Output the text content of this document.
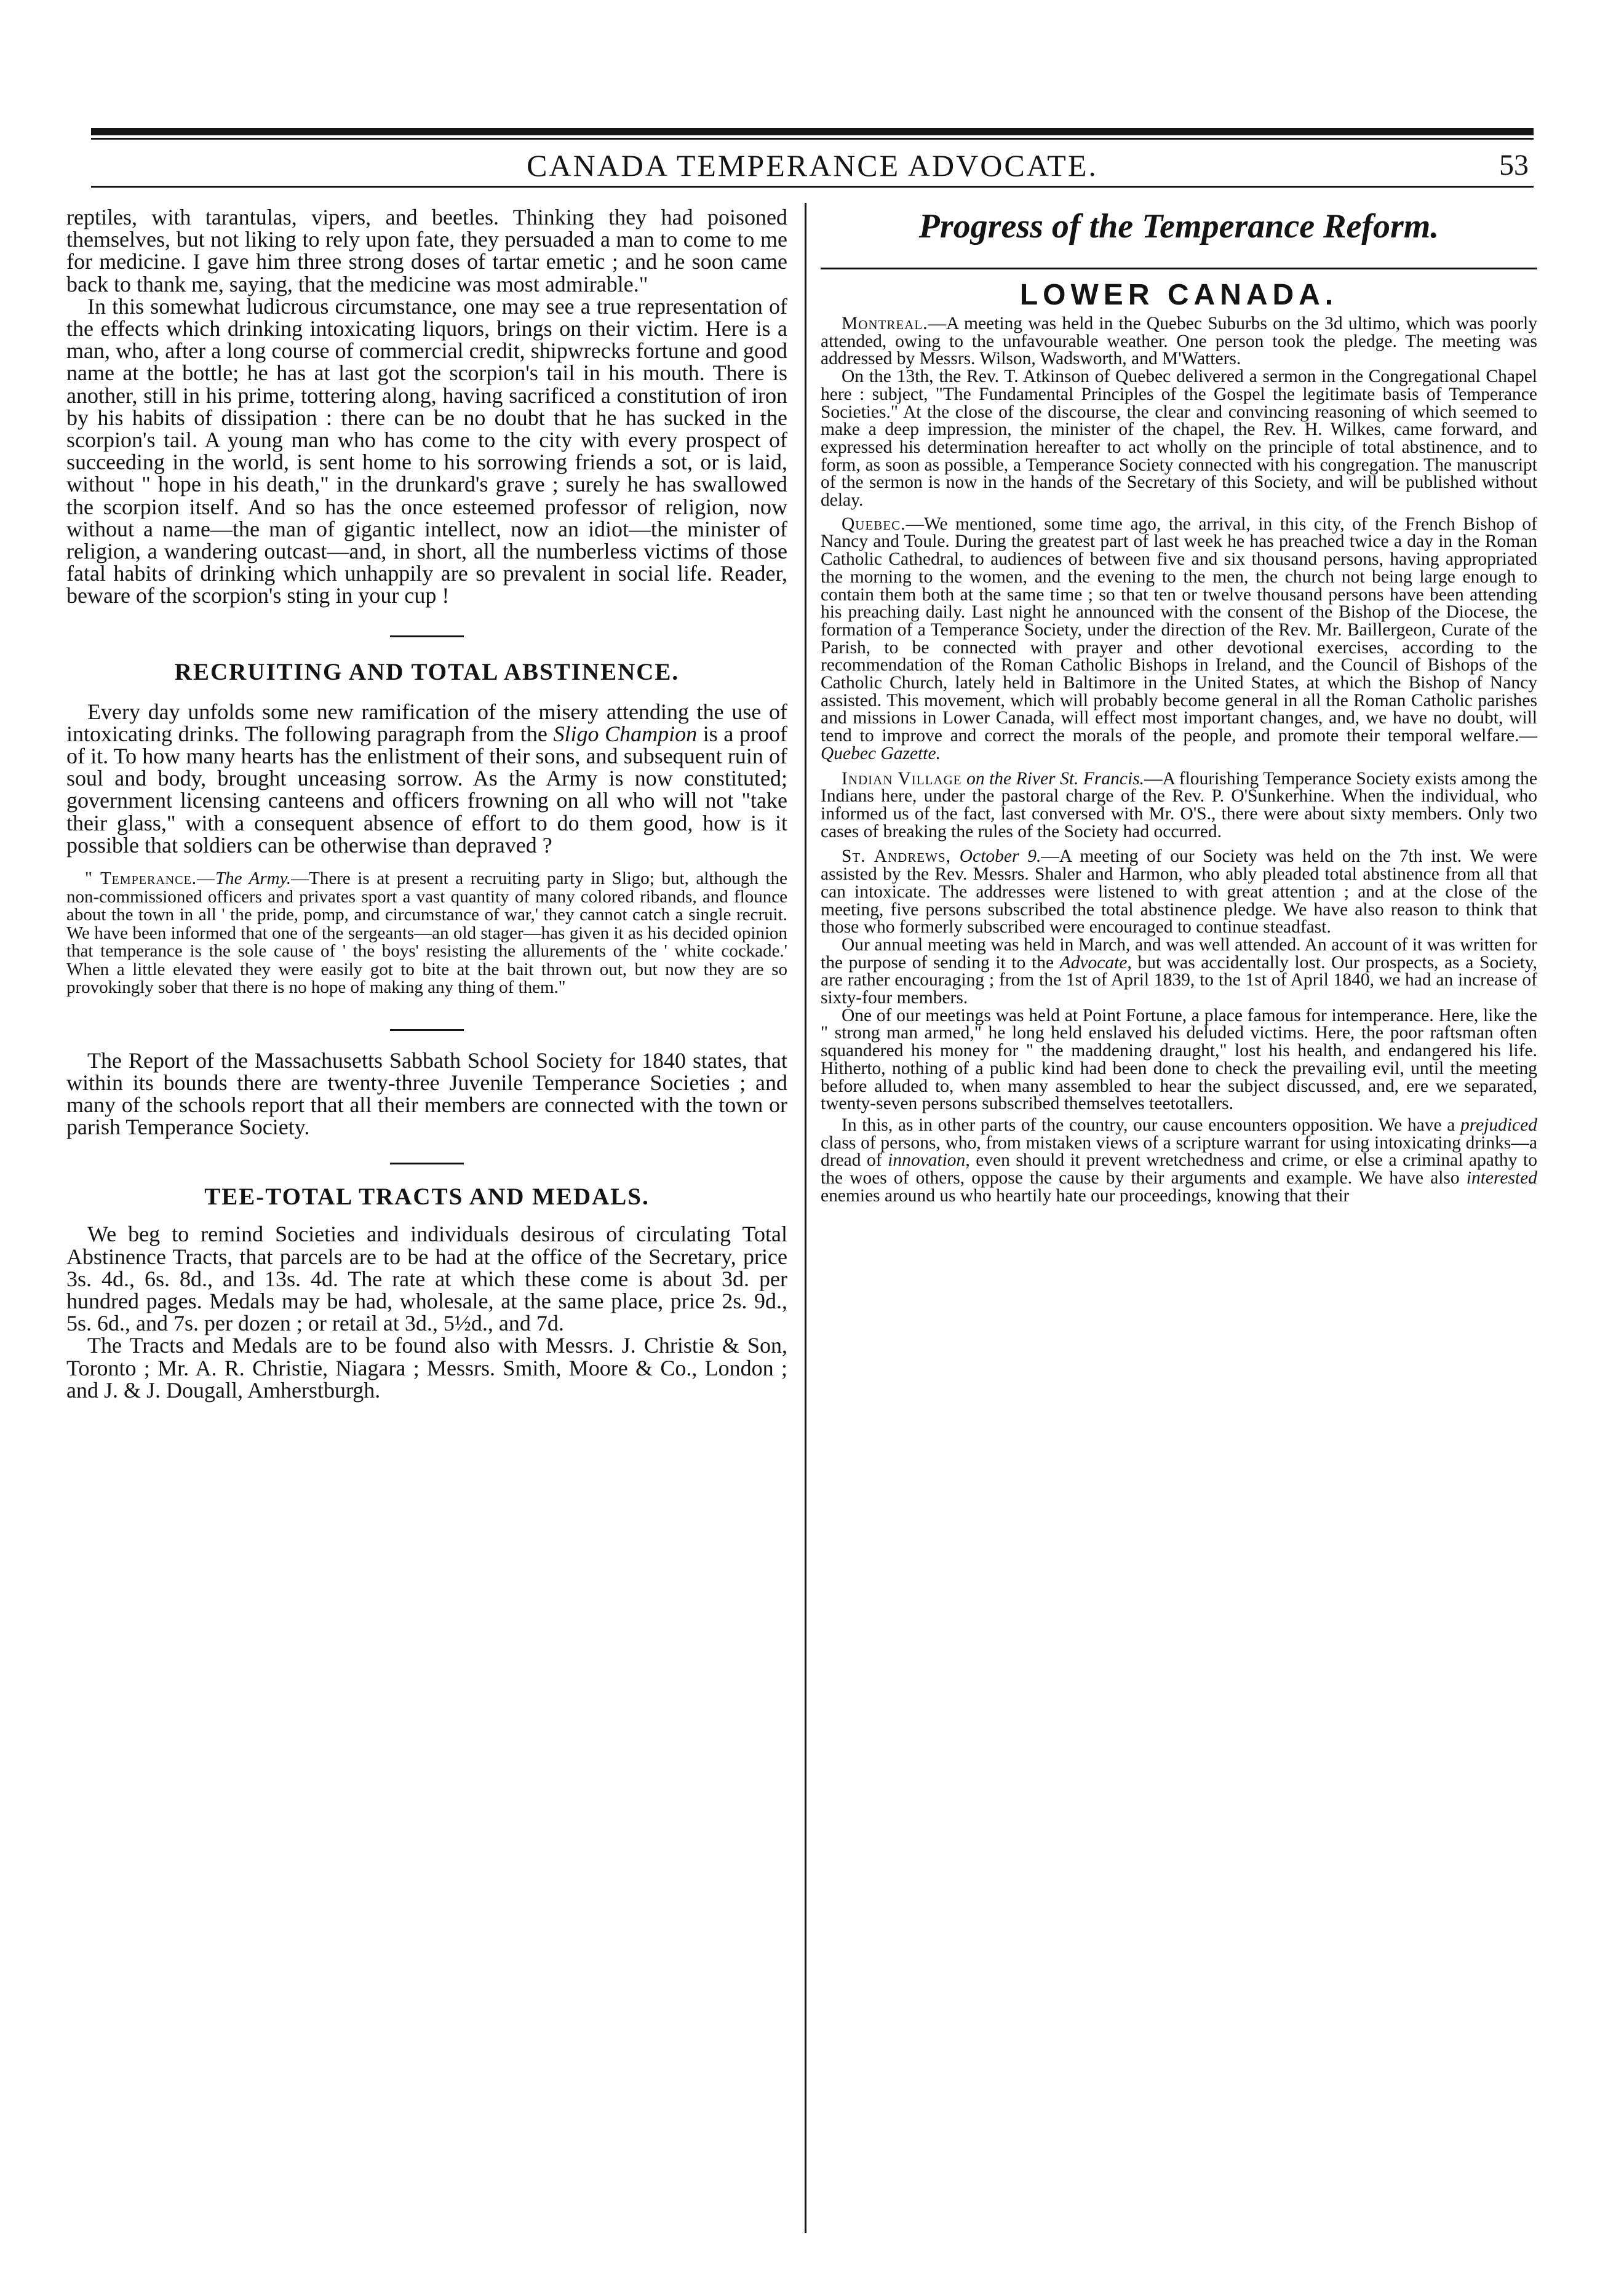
CANADA TEMPERANCE ADVOCATE.	53

reptiles, with tarantulas, vipers, and beetles. Thinking they had poisoned themselves, but not liking to rely upon fate, they persuaded a man to come to me for medicine. I gave him three strong doses of tartar emetic ; and he soon came back to thank me, saying, that the medicine was most admirable."

In this somewhat ludicrous circumstance, one may see a true representation of the effects which drinking intoxicating liquors, brings on their victim. Here is a man, who, after a long course of commercial credit, shipwrecks fortune and good name at the bottle; he has at last got the scorpion's tail in his mouth. There is another, still in his prime, tottering along, having sacrificed a constitution of iron by his habits of dissipation : there can be no doubt that he has sucked in the scorpion's tail. A young man who has come to the city with every prospect of succeeding in the world, is sent home to his sorrowing friends a sot, or is laid, without " hope in his death," in the drunkard's grave ; surely he has swallowed the scorpion itself. And so has the once esteemed professor of religion, now without a name—the man of gigantic intellect, now an idiot—the minister of religion, a wandering outcast—and, in short, all the numberless victims of those fatal habits of drinking which unhappily are so prevalent in social life. Reader, beware of the scorpion's sting in your cup !

RECRUITING AND TOTAL ABSTINENCE.

Every day unfolds some new ramification of the misery attending the use of intoxicating drinks. The following paragraph from the Sligo Champion is a proof of it. To how many hearts has the enlistment of their sons, and subsequent ruin of soul and body, brought unceasing sorrow. As the Army is now constituted; government licensing canteens and officers frowning on all who will not "take their glass," with a consequent absence of effort to do them good, how is it possible that soldiers can be otherwise than depraved ?

" Temperance.—The Army.—There is at present a recruiting party in Sligo; but, although the non-commissioned officers and privates sport a vast quantity of many colored ribands, and flounce about the town in all ' the pride, pomp, and circumstance of war,' they cannot catch a single recruit. We have been informed that one of the sergeants—an old stager—has given it as his decided opinion that temperance is the sole cause of ' the boys' resisting the allurements of the ' white cockade.' When a little elevated they were easily got to bite at the bait thrown out, but now they are so provokingly sober that there is no hope of making any thing of them."

The Report of the Massachusetts Sabbath School Society for 1840 states, that within its bounds there are twenty-three Juvenile Temperance Societies ; and many of the schools report that all their members are connected with the town or parish Temperance Society.

TEE-TOTAL TRACTS AND MEDALS.

We beg to remind Societies and individuals desirous of circulating Total Abstinence Tracts, that parcels are to be had at the office of the Secretary, price 3s. 4d., 6s. 8d., and 13s. 4d. The rate at which these come is about 3d. per hundred pages. Medals may be had, wholesale, at the same place, price 2s. 9d., 5s. 6d., and 7s. per dozen ; or retail at 3d., 5½d., and 7d.

The Tracts and Medals are to be found also with Messrs. J. Christie & Son, Toronto ; Mr. A. R. Christie, Niagara ; Messrs. Smith, Moore & Co., London ; and J. & J. Dougall, Amherstburgh.

Progress of the Temperance Reform.
LOWER CANADA.

Montreal.—A meeting was held in the Quebec Suburbs on the 3d ultimo, which was poorly attended, owing to the unfavourable weather. One person took the pledge. The meeting was addressed by Messrs. Wilson, Wadsworth, and M'Watters.

On the 13th, the Rev. T. Atkinson of Quebec delivered a sermon in the Congregational Chapel here : subject, "The Fundamental Principles of the Gospel the legitimate basis of Temperance Societies." At the close of the discourse, the clear and convincing reasoning of which seemed to make a deep impression, the minister of the chapel, the Rev. H. Wilkes, came forward, and expressed his determination hereafter to act wholly on the principle of total abstinence, and to form, as soon as possible, a Temperance Society connected with his congregation. The manuscript of the sermon is now in the hands of the Secretary of this Society, and will be published without delay.

Quebec.—We mentioned, some time ago, the arrival, in this city, of the French Bishop of Nancy and Toule. During the greatest part of last week he has preached twice a day in the Roman Catholic Cathedral, to audiences of between five and six thousand persons, having appropriated the morning to the women, and the evening to the men, the church not being large enough to contain them both at the same time ; so that ten or twelve thousand persons have been attending his preaching daily. Last night he announced with the consent of the Bishop of the Diocese, the formation of a Temperance Society, under the direction of the Rev. Mr. Baillergeon, Curate of the Parish, to be connected with prayer and other devotional exercises, according to the recommendation of the Roman Catholic Bishops in Ireland, and the Council of Bishops of the Catholic Church, lately held in Baltimore in the United States, at which the Bishop of Nancy assisted. This movement, which will probably become general in all the Roman Catholic parishes and missions in Lower Canada, will effect most important changes, and, we have no doubt, will tend to improve and correct the morals of the people, and promote their temporal welfare.—Quebec Gazette.

Indian Village on the River St. Francis.—A flourishing Temperance Society exists among the Indians here, under the pastoral charge of the Rev. P. O'Sunkerhine. When the individual, who informed us of the fact, last conversed with Mr. O'S., there were about sixty members. Only two cases of breaking the rules of the Society had occurred.

St. Andrews, October 9.—A meeting of our Society was held on the 7th inst. We were assisted by the Rev. Messrs. Shaler and Harmon, who ably pleaded total abstinence from all that can intoxicate. The addresses were listened to with great attention ; and at the close of the meeting, five persons subscribed the total abstinence pledge. We have also reason to think that those who formerly subscribed were encouraged to continue steadfast.

Our annual meeting was held in March, and was well attended. An account of it was written for the purpose of sending it to the Advocate, but was accidentally lost. Our prospects, as a Society, are rather encouraging ; from the 1st of April 1839, to the 1st of April 1840, we had an increase of sixty-four members.

One of our meetings was held at Point Fortune, a place famous for intemperance. Here, like the " strong man armed," he long held enslaved his deluded victims. Here, the poor raftsman often squandered his money for " the maddening draught," lost his health, and endangered his life. Hitherto, nothing of a public kind had been done to check the prevailing evil, until the meeting before alluded to, when many assembled to hear the subject discussed, and, ere we separated, twenty-seven persons subscribed themselves teetotallers.

In this, as in other parts of the country, our cause encounters opposition. We have a prejudiced class of persons, who, from mistaken views of a scripture warrant for using intoxicating drinks—a dread of innovation, even should it prevent wretchedness and crime, or else a criminal apathy to the woes of others, oppose the cause by their arguments and example. We have also interested enemies around us who heartily hate our proceedings, knowing that their
